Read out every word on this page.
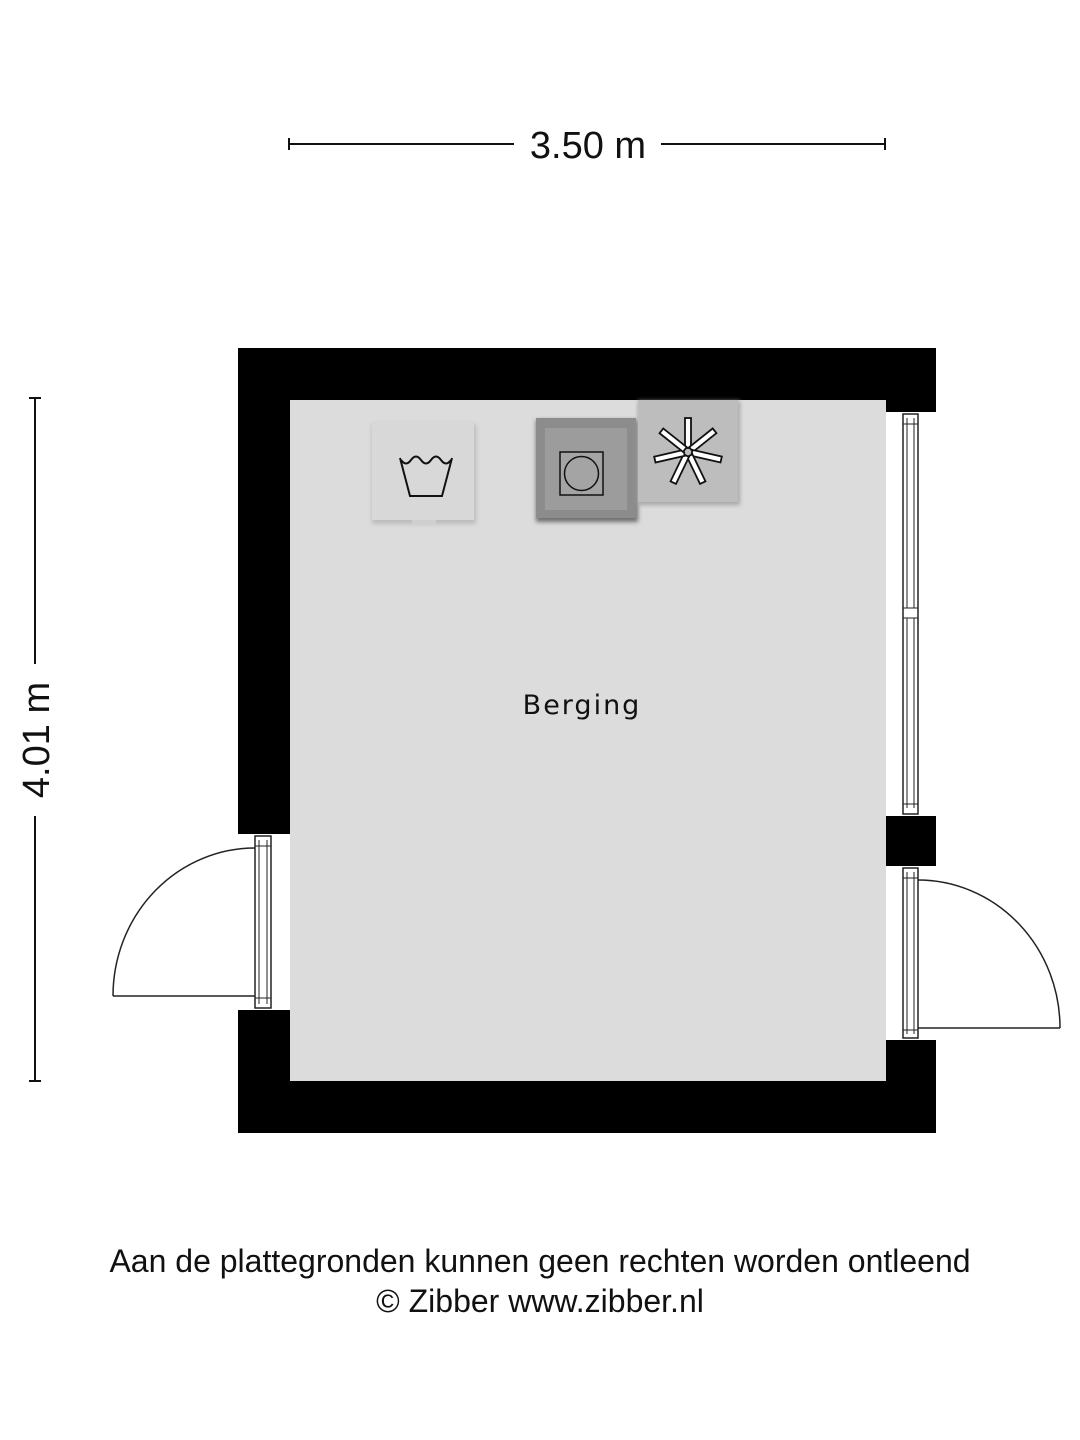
3.50 m
4.01 m	Berging
Aan de plattegronden kunnen geen rechten worden ontleend
© Zibber www.zibber.nl
